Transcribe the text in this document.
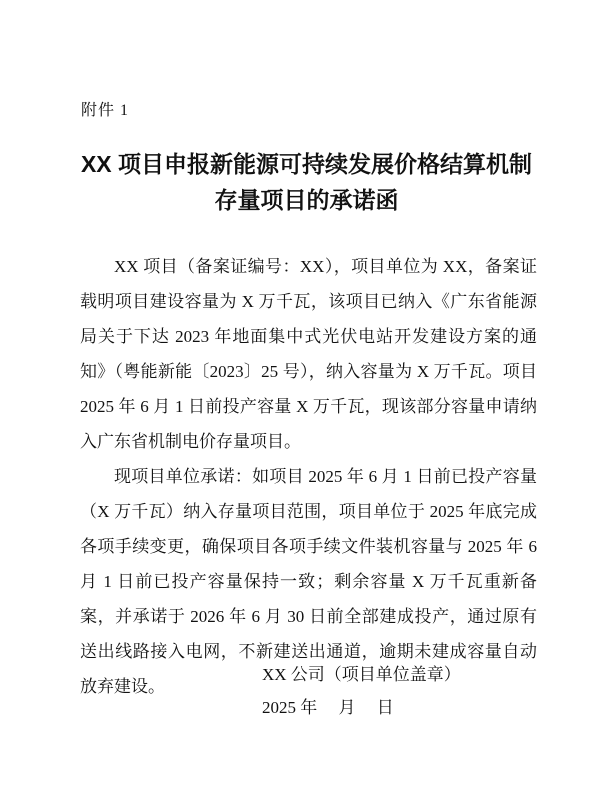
附件 1
XX 项目申报新能源可持续发展价格结算机制
存量项目的承诺函

XX 项目（备案证编号：XX），项目单位为 XX，备案证载明项目建设容量为 X 万千瓦，该项目已纳入《广东省能源局关于下达 2023 年地面集中式光伏电站开发建设方案的通知》（粤能新能〔2023〕25 号），纳入容量为 X 万千瓦。项目 2025 年 6 月 1 日前投产容量 X 万千瓦，现该部分容量申请纳入广东省机制电价存量项目。

现项目单位承诺：如项目 2025 年 6 月 1 日前已投产容量（X 万千瓦）纳入存量项目范围，项目单位于 2025 年底完成各项手续变更，确保项目各项手续文件装机容量与 2025 年 6 月 1 日前已投产容量保持一致；剩余容量 X 万千瓦重新备案，并承诺于 2026 年 6 月 30 日前全部建成投产，通过原有送出线路接入电网，不新建送出通道，逾期未建成容量自动放弃建设。

XX 公司（项目单位盖章）
2025 年　 月　 日
